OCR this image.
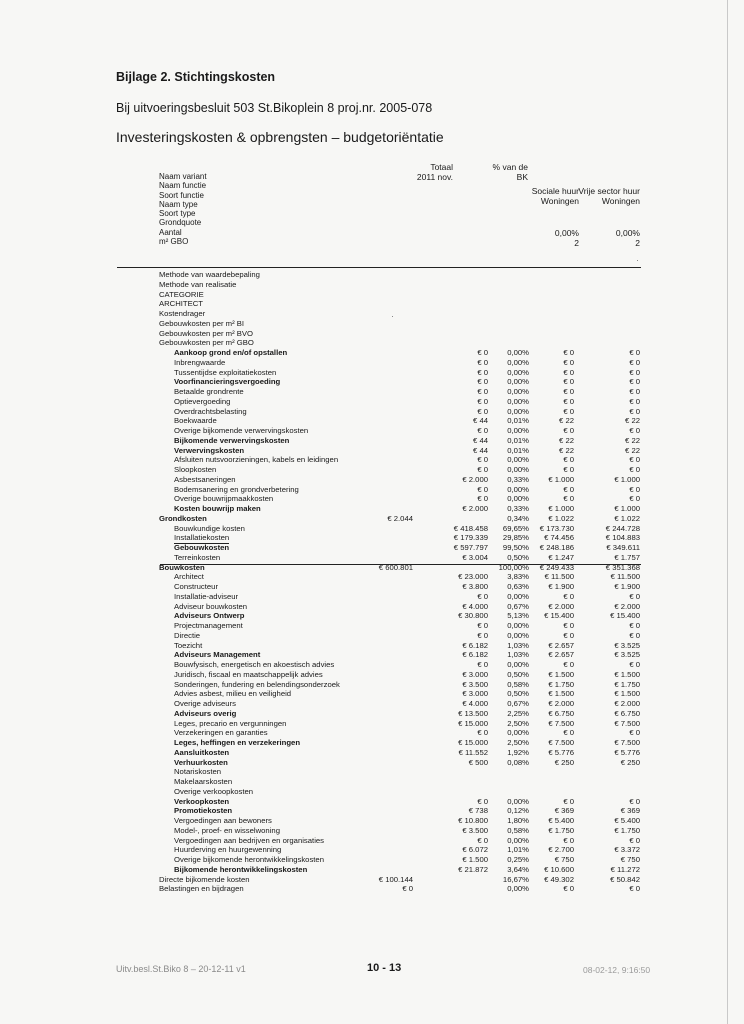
Bijlage 2. Stichtingskosten
Bij uitvoeringsbesluit 503 St.Bikoplein 8 proj.nr. 2005-078
Investeringskosten & opbrengsten – budgetoriëntatie
Totaal
2011 nov.
% van de
BK
Sociale huur
Woningen
Vrije sector huur
Woningen
Naam variant
Naam functie
Soort functie
Naam type
Soort type
Grondquote
Aantal
m² GBO
0,00%	0,00%
2	2
·
·
Methode van waardebepaling
Methode van realisatie
CATEGORIE
ARCHITECT
Kostendrager
Gebouwkosten per m² BI
Gebouwkosten per m² BVO
Gebouwkosten per m² GBO
Aankoop grond en/of opstallen	€ 0 0,00%	€ 0	€ 0
Inbrengwaarde	€ 0 0,00%	€ 0	€ 0
Tussentijdse exploitatiekosten	€ 0 0,00%	€ 0	€ 0
Voorfinancieringsvergoeding	€ 0 0,00%	€ 0	€ 0
Betaalde grondrente	€ 0 0,00%	€ 0	€ 0
Optievergoeding	€ 0 0,00%	€ 0	€ 0
Overdrachtsbelasting	€ 0 0,00%	€ 0	€ 0
Boekwaarde	€ 44 0,01%	€ 22	€ 22
Overige bijkomende verwervingskosten	€ 0 0,00%	€ 0	€ 0
Bijkomende verwervingskosten	€ 44 0,01%	€ 22	€ 22
Verwervingskosten	€ 44 0,01%	€ 22	€ 22
Afsluiten nutsvoorzieningen, kabels en leidingen	€ 0 0,00%	€ 0	€ 0
Sloopkosten	€ 0 0,00%	€ 0	€ 0
Asbestsaneringen	€ 2.000 0,33%	€ 1.000	€ 1.000
Bodemsanering en grondverbetering	€ 0 0,00%	€ 0	€ 0
Overige bouwrijpmaakkosten	€ 0 0,00%	€ 0	€ 0
Kosten bouwrijp maken	€ 2.000 0,33%	€ 1.000	€ 1.000
Grondkosten	€ 2.044	0,34%	€ 1.022	€ 1.022
Bouwkundige kosten	€ 418.458 69,65% € 173.730	€ 244.728
Installatiekosten	€ 179.339 29,85% € 74.456	€ 104.883
Gebouwkosten	€ 597.797 99,50% € 248.186	€ 349.611
Terreinkosten	€ 3.004 0,50%	€ 1.247	€ 1.757
Bouwkosten	€ 600.801	100,00% € 249.433	€ 351.368
Architect	€ 23.000 3,83% € 11.500	€ 11.500
Constructeur	€ 3.800 0,63%	€ 1.900	€ 1.900
Installatie-adviseur	€ 0 0,00%	€ 0	€ 0
Adviseur bouwkosten	€ 4.000 0,67%	€ 2.000	€ 2.000
Adviseurs Ontwerp	€ 30.800 5,13% € 15.400	€ 15.400
Projectmanagement	€ 0 0,00%	€ 0	€ 0
Directie	€ 0 0,00%	€ 0	€ 0
Toezicht	€ 6.182 1,03%	€ 2.657	€ 3.525
Adviseurs Management	€ 6.182 1,03%	€ 2.657	€ 3.525
Bouwfysisch, energetisch en akoestisch advies	€ 0 0,00%	€ 0	€ 0
Juridisch, fiscaal en maatschappelijk advies	€ 3.000 0,50%	€ 1.500	€ 1.500
Sonderingen, fundering en belendingsonderzoek	€ 3.500 0,58%	€ 1.750	€ 1.750
Advies asbest, milieu en veiligheid	€ 3.000 0,50%	€ 1.500	€ 1.500
Overige adviseurs	€ 4.000 0,67%	€ 2.000	€ 2.000
Adviseurs overig	€ 13.500 2,25%	€ 6.750	€ 6.750
Leges, precario en vergunningen	€ 15.000 2,50%	€ 7.500	€ 7.500
Verzekeringen en garanties	€ 0 0,00%	€ 0	€ 0
Leges, heffingen en verzekeringen	€ 15.000 2,50%	€ 7.500	€ 7.500
Aansluitkosten	€ 11.552 1,92%	€ 5.776	€ 5.776
Verhuurkosten	€ 500 0,08%	€ 250	€ 250
Notariskosten
Makelaarskosten
Overige verkoopkosten
Verkoopkosten	€ 0 0,00%	€ 0	€ 0
Promotiekosten	€ 738 0,12%	€ 369	€ 369
Vergoedingen aan bewoners	€ 10.800 1,80%	€ 5.400	€ 5.400
Model-, proef- en wisselwoning	€ 3.500 0,58%	€ 1.750	€ 1.750
Vergoedingen aan bedrijven en organisaties	€ 0 0,00%	€ 0	€ 0
Huurderving en huurgewenning	€ 6.072 1,01%	€ 2.700	€ 3.372
Overige bijkomende herontwikkelingskosten	€ 1.500 0,25%	€ 750	€ 750
Bijkomende herontwikkelingskosten	€ 21.872 3,64% € 10.600	€ 11.272
Directe bijkomende kosten	€ 100.144	16,67% € 49.302	€ 50.842
Belastingen en bijdragen	€ 0	0,00%	€ 0	€ 0
Uitv.besl.St.Biko 8 – 20-12-11 v1	10 - 13	08-02-12, 9:16:50
